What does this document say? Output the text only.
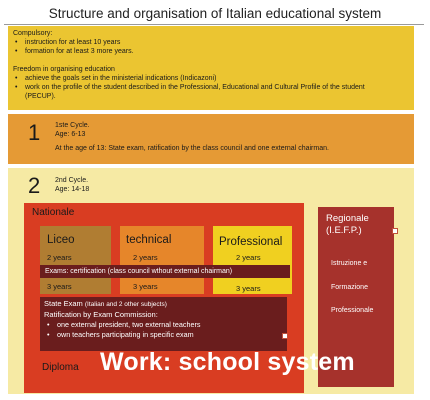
Structure and organisation of Italian educational system
Compulsory:
• instruction for at least 10 years
• formation for at least 3 more years.
Freedom in organising education
• achieve the goals set in the ministerial indications (Indicazoni)
• work on the profile of the student described in the Professional, Educational and Cultural Profile of the student
(PECUP).
1 1ste Cycle.
Age: 6-13
At the age of 13: State exam, ratification by the class council and one external chairman.
2 2nd Cycle.
Age: 14-18
Nationale
Liceo
2 years
3 years
technical
2 years
3 years
Professional
2 years
3 years
Exams: certification (class council wthout external chairman)
State Exam (Italian and 2 other subjects)
Ratification by Exam Commission:
• one external president, two external teachers
• own teachers participating in specific exam
Diploma
Regionale
(I.E.F.P.)
Istruzione e
Formazione
Professionale
Work: school system
